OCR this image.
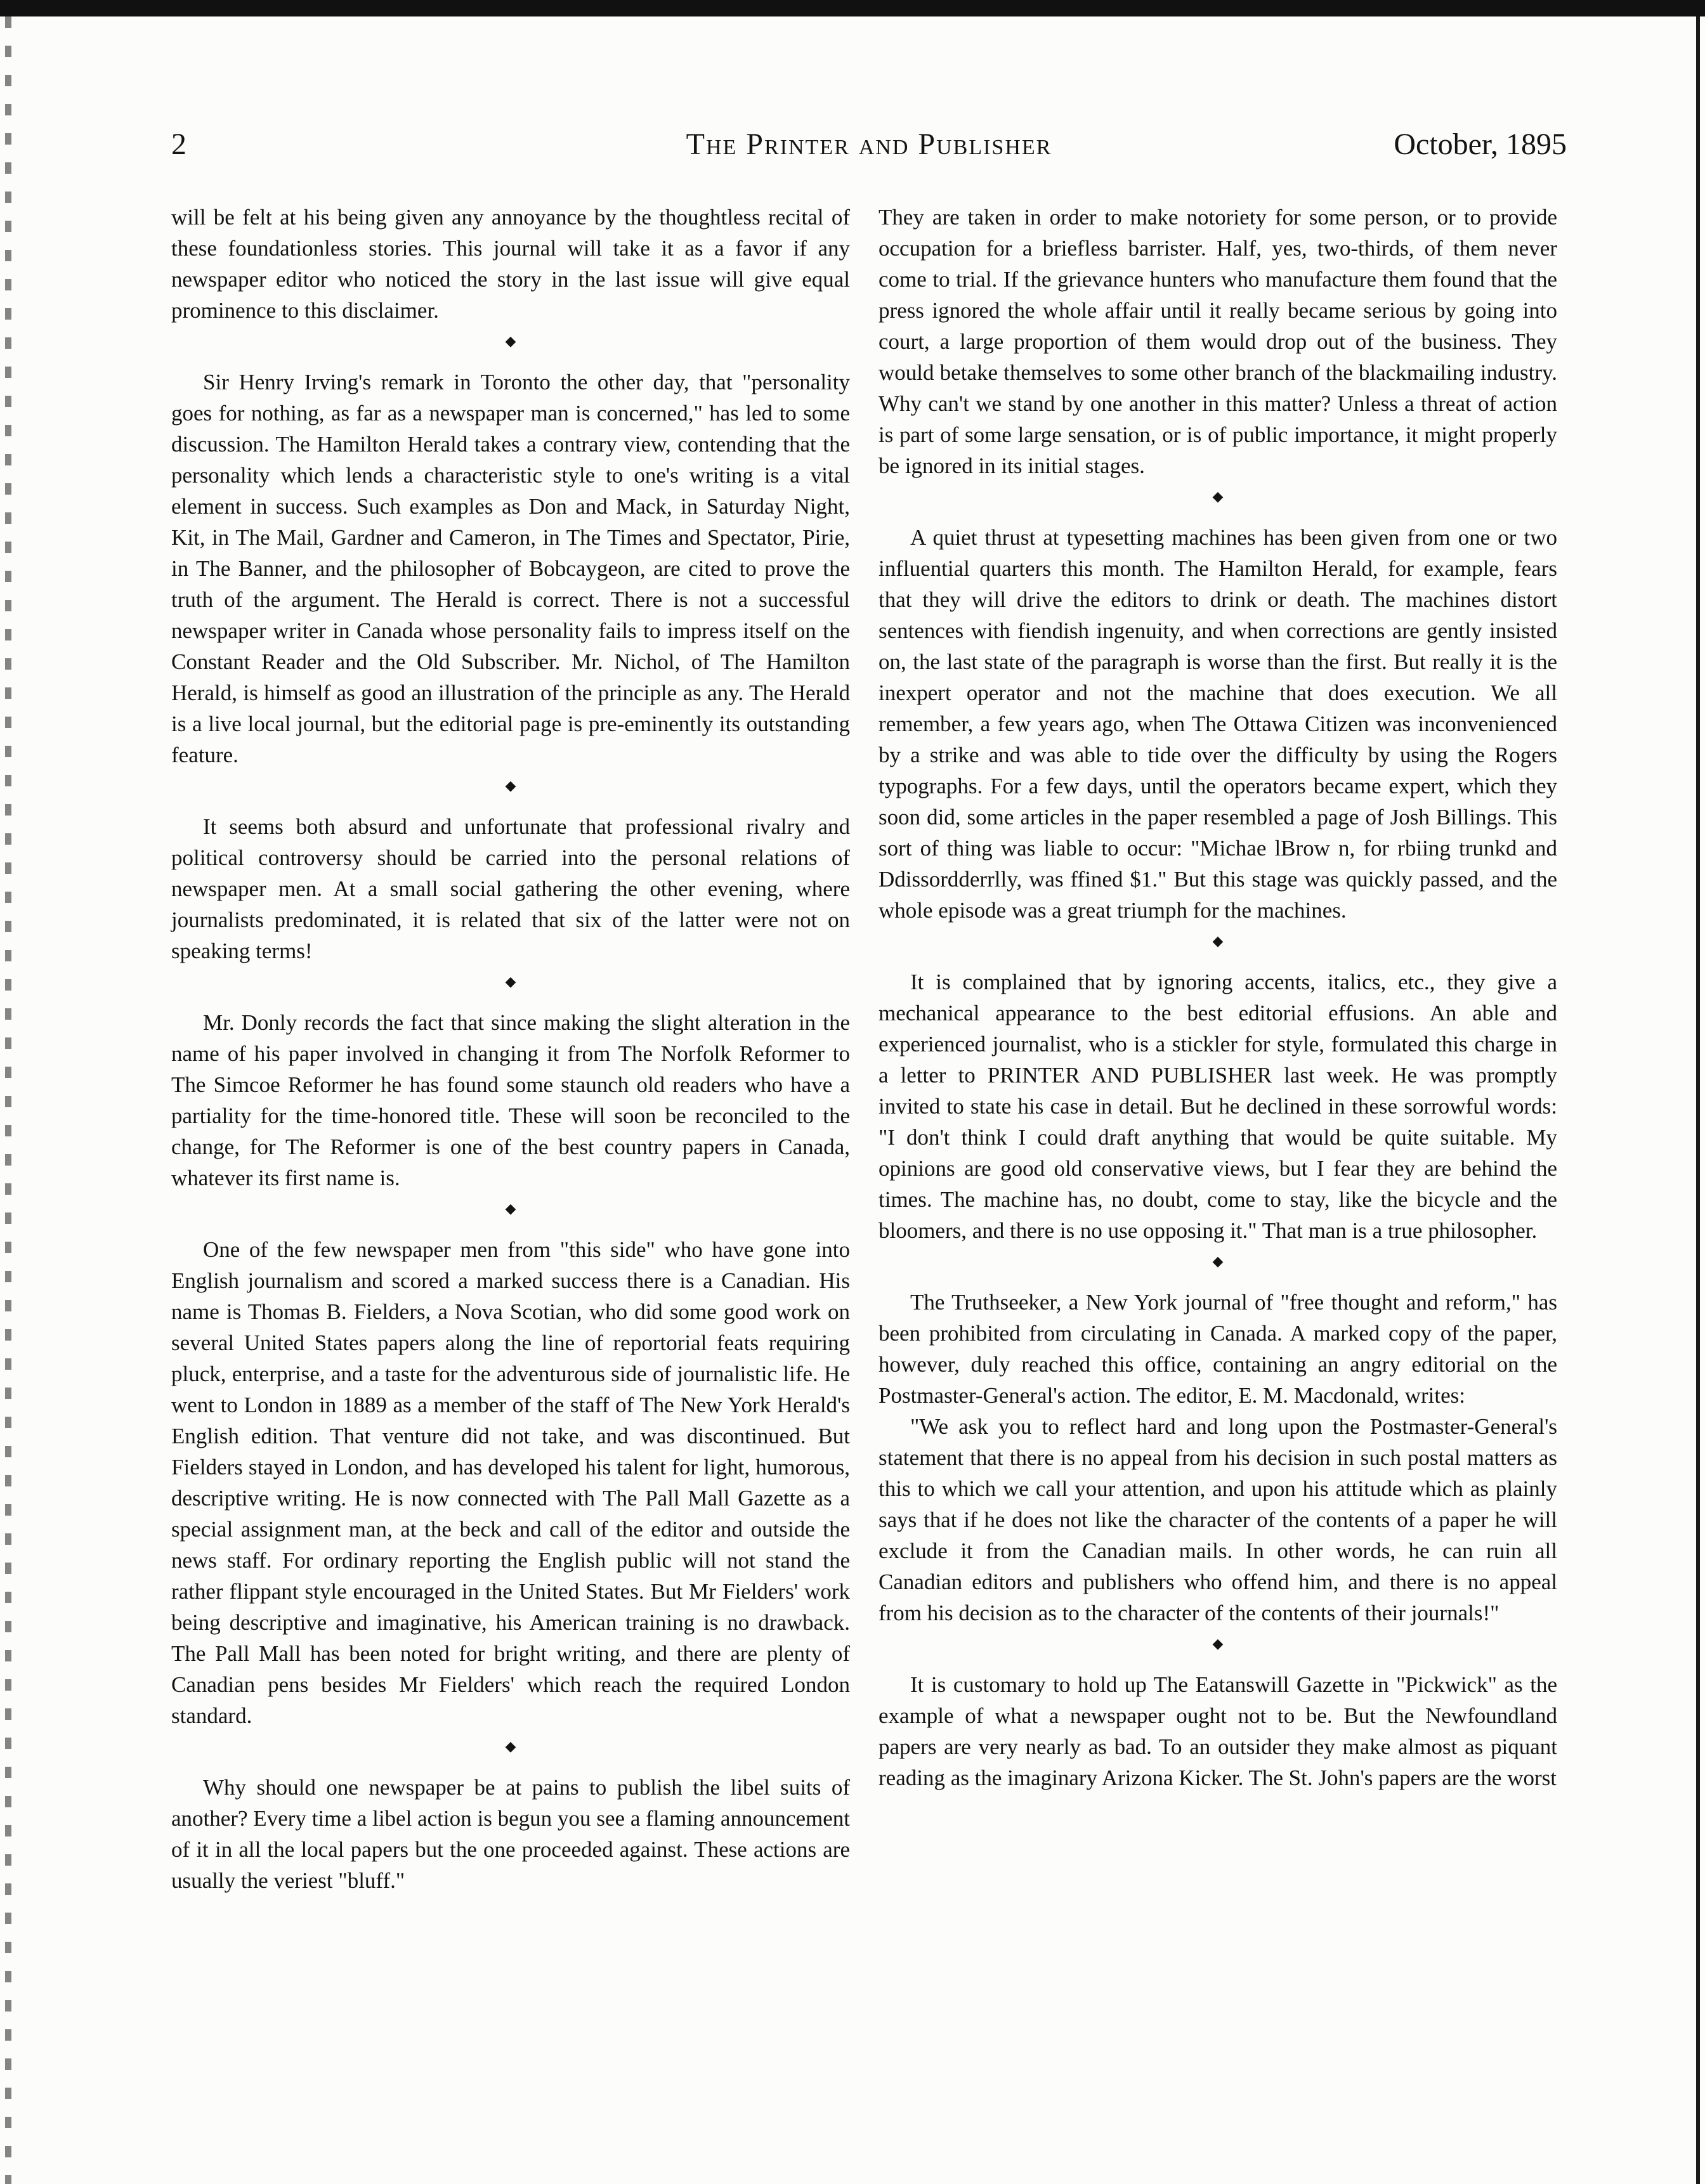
2	The Printer and Publisher	October, 1895

will be felt at his being given any annoyance by the thoughtless recital of these foundationless stories. This journal will take it as a favor if any newspaper editor who noticed the story in the last issue will give equal prominence to this disclaimer.

◆

Sir Henry Irving's remark in Toronto the other day, that "personality goes for nothing, as far as a newspaper man is concerned," has led to some discussion. The Hamilton Herald takes a contrary view, contending that the personality which lends a characteristic style to one's writing is a vital element in success. Such examples as Don and Mack, in Saturday Night, Kit, in The Mail, Gardner and Cameron, in The Times and Spectator, Pirie, in The Banner, and the philosopher of Bobcaygeon, are cited to prove the truth of the argument. The Herald is correct. There is not a successful newspaper writer in Canada whose personality fails to impress itself on the Constant Reader and the Old Subscriber. Mr. Nichol, of The Hamilton Herald, is himself as good an illustration of the principle as any. The Herald is a live local journal, but the editorial page is pre-eminently its outstanding feature.

◆

It seems both absurd and unfortunate that professional rivalry and political controversy should be carried into the personal relations of newspaper men. At a small social gathering the other evening, where journalists predominated, it is related that six of the latter were not on speaking terms!

◆

Mr. Donly records the fact that since making the slight alteration in the name of his paper involved in changing it from The Norfolk Reformer to The Simcoe Reformer he has found some staunch old readers who have a partiality for the time-honored title. These will soon be reconciled to the change, for The Reformer is one of the best country papers in Canada, whatever its first name is.

◆

One of the few newspaper men from "this side" who have gone into English journalism and scored a marked success there is a Canadian. His name is Thomas B. Fielders, a Nova Scotian, who did some good work on several United States papers along the line of reportorial feats requiring pluck, enterprise, and a taste for the adventurous side of journalistic life. He went to London in 1889 as a member of the staff of The New York Herald's English edition. That venture did not take, and was discontinued. But Fielders stayed in London, and has developed his talent for light, humorous, descriptive writing. He is now connected with The Pall Mall Gazette as a special assignment man, at the beck and call of the editor and outside the news staff. For ordinary reporting the English public will not stand the rather flippant style encouraged in the United States. But Mr Fielders' work being descriptive and imaginative, his American training is no drawback. The Pall Mall has been noted for bright writing, and there are plenty of Canadian pens besides Mr Fielders' which reach the required London standard.

◆

Why should one newspaper be at pains to publish the libel suits of another? Every time a libel action is begun you see a flaming announcement of it in all the local papers but the one proceeded against. These actions are usually the veriest "bluff."

They are taken in order to make notoriety for some person, or to provide occupation for a briefless barrister. Half, yes, two-thirds, of them never come to trial. If the grievance hunters who manufacture them found that the press ignored the whole affair until it really became serious by going into court, a large proportion of them would drop out of the business. They would betake themselves to some other branch of the blackmailing industry. Why can't we stand by one another in this matter? Unless a threat of action is part of some large sensation, or is of public importance, it might properly be ignored in its initial stages.

◆

A quiet thrust at typesetting machines has been given from one or two influential quarters this month. The Hamilton Herald, for example, fears that they will drive the editors to drink or death. The machines distort sentences with fiendish ingenuity, and when corrections are gently insisted on, the last state of the paragraph is worse than the first. But really it is the inexpert operator and not the machine that does execution. We all remember, a few years ago, when The Ottawa Citizen was inconvenienced by a strike and was able to tide over the difficulty by using the Rogers typographs. For a few days, until the operators became expert, which they soon did, some articles in the paper resembled a page of Josh Billings. This sort of thing was liable to occur: "Michae lBrow n, for rbiing trunkd and Ddissordderrlly, was ffined $1." But this stage was quickly passed, and the whole episode was a great triumph for the machines.

◆

It is complained that by ignoring accents, italics, etc., they give a mechanical appearance to the best editorial effusions. An able and experienced journalist, who is a stickler for style, formulated this charge in a letter to PRINTER AND PUBLISHER last week. He was promptly invited to state his case in detail. But he declined in these sorrowful words: "I don't think I could draft anything that would be quite suitable. My opinions are good old conservative views, but I fear they are behind the times. The machine has, no doubt, come to stay, like the bicycle and the bloomers, and there is no use opposing it." That man is a true philosopher.

◆

The Truthseeker, a New York journal of "free thought and reform," has been prohibited from circulating in Canada. A marked copy of the paper, however, duly reached this office, containing an angry editorial on the Postmaster-General's action. The editor, E. M. Macdonald, writes:

"We ask you to reflect hard and long upon the Postmaster-General's statement that there is no appeal from his decision in such postal matters as this to which we call your attention, and upon his attitude which as plainly says that if he does not like the character of the contents of a paper he will exclude it from the Canadian mails. In other words, he can ruin all Canadian editors and publishers who offend him, and there is no appeal from his decision as to the character of the contents of their journals!"

◆

It is customary to hold up The Eatanswill Gazette in "Pickwick" as the example of what a newspaper ought not to be. But the Newfoundland papers are very nearly as bad. To an outsider they make almost as piquant reading as the imaginary Arizona Kicker. The St. John's papers are the worst
